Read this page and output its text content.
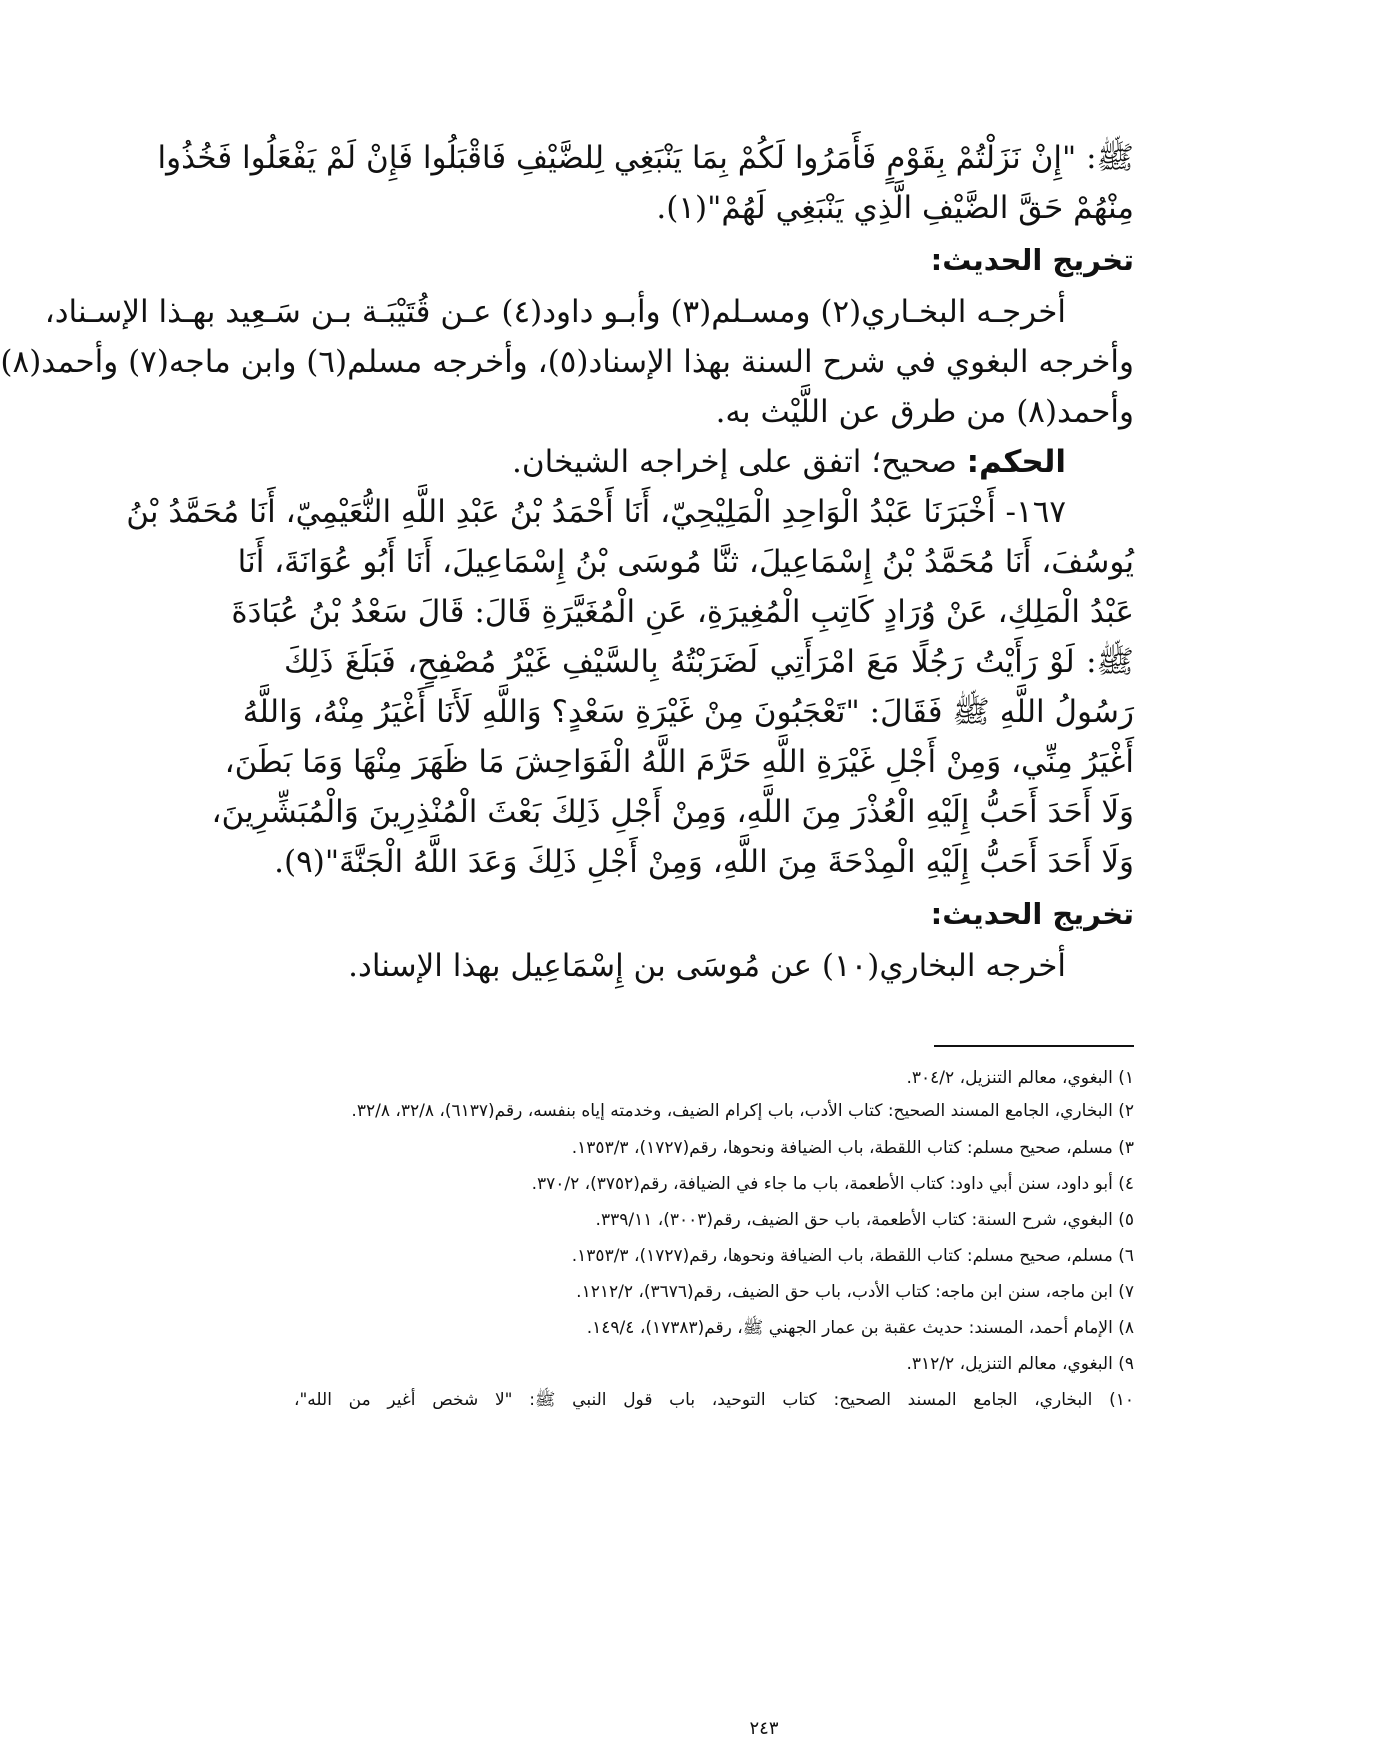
ﷺ: "إِنْ نَزَلْتُمْ بِقَوْمٍ فَأَمَرُوا لَكُمْ بِمَا يَنْبَغِي لِلضَّيْفِ فَاقْبَلُوا فَإِنْ لَمْ يَفْعَلُوا فَخُذُوا
مِنْهُمْ حَقَّ الضَّيْفِ الَّذِي يَنْبَغِي لَهُمْ"(١).
تخريج الحديث:
أخرجـه البخـاري(٢) ومسـلم(٣) وأبـو داود(٤) عـن قُتَيْبَـة بـن سَـعِيد بهـذا الإسـناد،
وأخرجه البغوي في شرح السنة بهذا الإسناد(٥)، وأخرجه مسلم(٦) وابن ماجه(٧) وأحمد(٨)
وأحمد(٨) من طرق عن اللَّيْث به.
الحكم: صحيح؛ اتفق على إخراجه الشيخان.
١٦٧- أَخْبَرَنَا عَبْدُ الْوَاحِدِ الْمَلِيْحِيّ، أَنَا أَحْمَدُ بْنُ عَبْدِ اللَّهِ النُّعَيْمِيّ، أَنَا مُحَمَّدُ بْنُ
يُوسُفَ، أَنَا مُحَمَّدُ بْنُ إِسْمَاعِيلَ، ثنَّا مُوسَى بْنُ إِسْمَاعِيلَ، أَنَا أَبُو عُوَانَةَ، أَنَا
عَبْدُ الْمَلِكِ، عَنْ وُرَادٍ كَاتِبِ الْمُغِيرَةِ، عَنِ الْمُغَيَّرَةِ قَالَ: قَالَ سَعْدُ بْنُ عُبَادَةَ
ﷺ: لَوْ رَأَيْتُ رَجُلًا مَعَ امْرَأَتِي لَضَرَبْتُهُ بِالسَّيْفِ غَيْرُ مُصْفِحٍ، فَبَلَغَ ذَلِكَ
رَسُولُ اللَّهِ ﷺ فَقَالَ: "تَعْجَبُونَ مِنْ غَيْرَةِ سَعْدٍ؟ وَاللَّهِ لَأَنَا أَغْيَرُ مِنْهُ، وَاللَّهُ
أَغْيَرُ مِنِّي، وَمِنْ أَجْلِ غَيْرَةِ اللَّهِ حَرَّمَ اللَّهُ الْفَوَاحِشَ مَا ظَهَرَ مِنْهَا وَمَا بَطَنَ،
وَلَا أَحَدَ أَحَبُّ إِلَيْهِ الْعُذْرَ مِنَ اللَّهِ، وَمِنْ أَجْلِ ذَلِكَ بَعْثَ الْمُنْذِرِينَ وَالْمُبَشِّرِينَ،
وَلَا أَحَدَ أَحَبُّ إِلَيْهِ الْمِدْحَةَ مِنَ اللَّهِ، وَمِنْ أَجْلِ ذَلِكَ وَعَدَ اللَّهُ الْجَنَّةَ"(٩).
تخريج الحديث:
أخرجه البخاري(١٠) عن مُوسَى بن إِسْمَاعِيل بهذا الإسناد.
١) البغوي، معالم التنزيل، ٣٠٤/٢.
٢) البخاري، الجامع المسند الصحيح: كتاب الأدب، باب إكرام الضيف، وخدمته إياه بنفسه، رقم(٦١٣٧)، ٣٢/٨، ٣٢/٨.
٣) مسلم، صحيح مسلم: كتاب اللقطة، باب الضيافة ونحوها، رقم(١٧٢٧)، ١٣٥٣/٣.
٤) أبو داود، سنن أبي داود: كتاب الأطعمة، باب ما جاء في الضيافة، رقم(٣٧٥٢)، ٣٧٠/٢.
٥) البغوي، شرح السنة: كتاب الأطعمة، باب حق الضيف، رقم(٣٠٠٣)، ٣٣٩/١١.
٦) مسلم، صحيح مسلم: كتاب اللقطة، باب الضيافة ونحوها، رقم(١٧٢٧)، ١٣٥٣/٣.
٧) ابن ماجه، سنن ابن ماجه: كتاب الأدب، باب حق الضيف، رقم(٣٦٧٦)، ١٢١٢/٢.
٨) الإمام أحمد، المسند: حديث عقبة بن عمار الجهني ﷺ، رقم(١٧٣٨٣)، ١٤٩/٤.
٩) البغوي، معالم التنزيل، ٣١٢/٢.
١٠) البخاري، الجامع المسند الصحيح: كتاب التوحيد، باب قول النبي ﷺ: "لا شخص أغير من الله"،
٢٤٣
